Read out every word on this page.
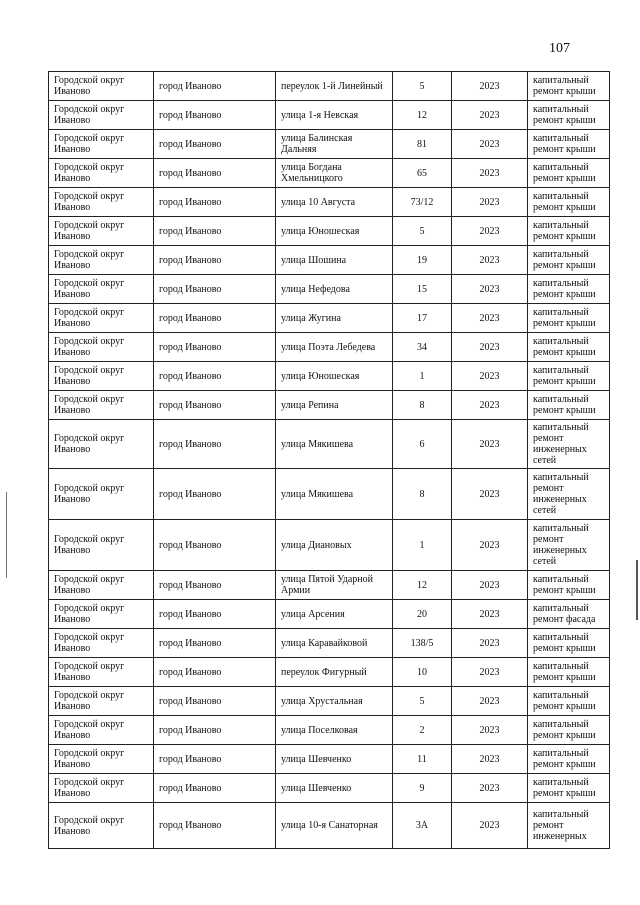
107
Городской округ Иваново	город Иваново	переулок 1-й Линейный	5	2023	капитальный ремонт крыши
Городской округ Иваново	город Иваново	улица 1-я Невская	12	2023	капитальный ремонт крыши
Городской округ Иваново	город Иваново	улица Балинская Дальняя	81	2023	капитальный ремонт крыши
Городской округ Иваново	город Иваново	улица Богдана Хмельницкого	65	2023	капитальный ремонт крыши
Городской округ Иваново	город Иваново	улица 10 Августа	73/12	2023	капитальный ремонт крыши
Городской округ Иваново	город Иваново	улица Юношеская	5	2023	капитальный ремонт крыши
Городской округ Иваново	город Иваново	улица Шошина	19	2023	капитальный ремонт крыши
Городской округ Иваново	город Иваново	улица Нефедова	15	2023	капитальный ремонт крыши
Городской округ Иваново	город Иваново	улица Жугина	17	2023	капитальный ремонт крыши
Городской округ Иваново	город Иваново	улица Поэта Лебедева	34	2023	капитальный ремонт крыши
Городской округ Иваново	город Иваново	улица Юношеская	1	2023	капитальный ремонт крыши
Городской округ Иваново	город Иваново	улица Репина	8	2023	капитальный ремонт крыши
Городской округ Иваново	город Иваново	улица Мякишева	6	2023	капитальный ремонт инженерных сетей
Городской округ Иваново	город Иваново	улица Мякишева	8	2023	капитальный ремонт инженерных сетей
Городской округ Иваново	город Иваново	улица Диановых	1	2023	капитальный ремонт инженерных сетей
Городской округ Иваново	город Иваново	улица Пятой Ударной Армии	12	2023	капитальный ремонт крыши
Городской округ Иваново	город Иваново	улица Арсения	20	2023	капитальный ремонт фасада
Городской округ Иваново	город Иваново	улица Каравайковой	138/5	2023	капитальный ремонт крыши
Городской округ Иваново	город Иваново	переулок Фигурный	10	2023	капитальный ремонт крыши
Городской округ Иваново	город Иваново	улица Хрустальная	5	2023	капитальный ремонт крыши
Городской округ Иваново	город Иваново	улица Поселковая	2	2023	капитальный ремонт крыши
Городской округ Иваново	город Иваново	улица Шевченко	11	2023	капитальный ремонт крыши
Городской округ Иваново	город Иваново	улица Шевченко	9	2023	капитальный ремонт крыши
Городской округ Иваново	город Иваново	улица 10-я Санаторная	3А	2023	капитальный ремонт инженерных
